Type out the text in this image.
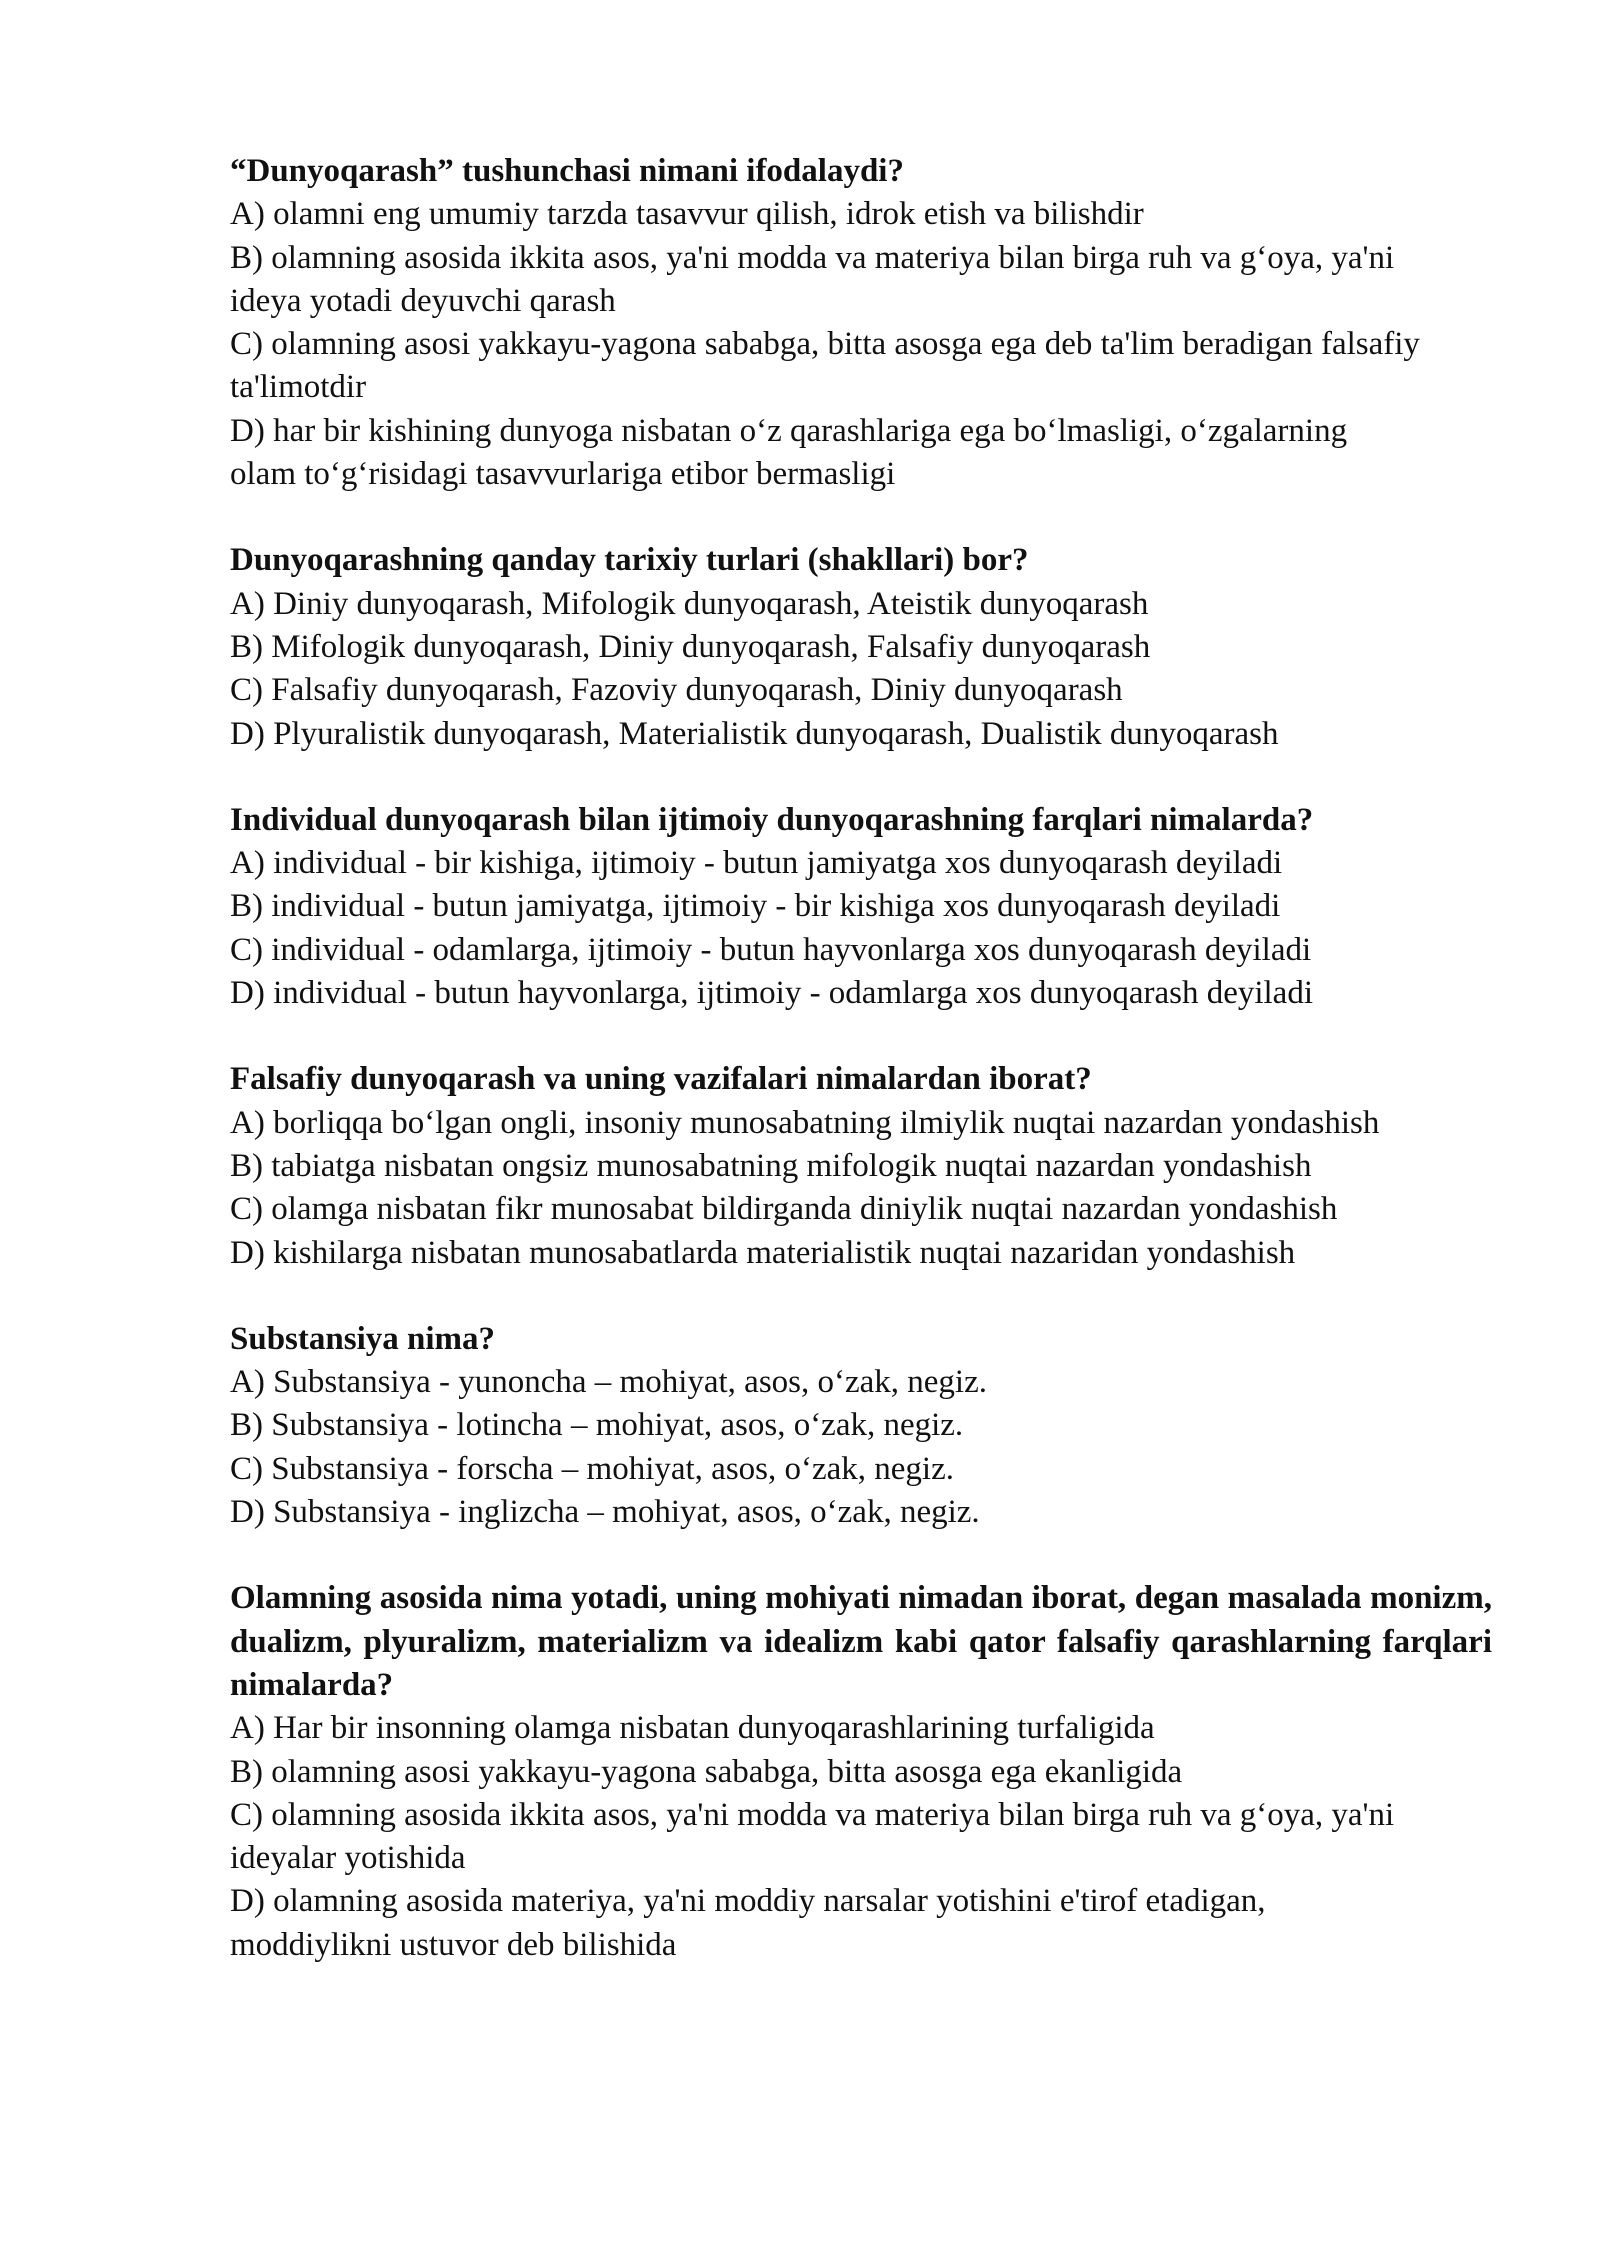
“Dunyoqarash” tushunchasi nimani ifodalaydi?

A) olamni eng umumiy tarzda tasavvur qilish, idrok etish va bilishdir

B) olamning asosida ikkita asos, ya'ni modda va materiya bilan birga ruh va g‘oya, ya'ni ideya yotadi deyuvchi qarash

C) olamning asosi yakkayu-yagona sababga, bitta asosga ega deb ta'lim beradigan falsafiy ta'limotdir

D) har bir kishining dunyoga nisbatan o‘z qarashlariga ega bo‘lmasligi, o‘zgalarning olam to‘g‘risidagi tasavvurlariga etibor bermasligi

Dunyoqarashning qanday tarixiy turlari (shakllari) bor?

A) Diniy dunyoqarash, Mifologik dunyoqarash, Ateistik dunyoqarash

B) Mifologik dunyoqarash, Diniy dunyoqarash, Falsafiy dunyoqarash

C) Falsafiy dunyoqarash, Fazoviy dunyoqarash, Diniy dunyoqarash

D) Plyuralistik dunyoqarash, Materialistik dunyoqarash, Dualistik dunyoqarash

Individual dunyoqarash bilan ijtimoiy dunyoqarashning farqlari nimalarda?

A) individual - bir kishiga, ijtimoiy - butun jamiyatga xos dunyoqarash deyiladi

B) individual - butun jamiyatga, ijtimoiy - bir kishiga xos dunyoqarash deyiladi

C) individual - odamlarga, ijtimoiy - butun hayvonlarga xos dunyoqarash deyiladi

D) individual - butun hayvonlarga, ijtimoiy - odamlarga xos dunyoqarash deyiladi

Falsafiy dunyoqarash va uning vazifalari nimalardan iborat?

A) borliqqa bo‘lgan ongli, insoniy munosabatning ilmiylik nuqtai nazardan yondashish

B) tabiatga nisbatan ongsiz munosabatning mifologik nuqtai nazardan yondashish

C) olamga nisbatan fikr munosabat bildirganda diniylik nuqtai nazardan yondashish

D) kishilarga nisbatan munosabatlarda materialistik nuqtai nazaridan yondashish

Substansiya nima?

A) Substansiya - yunoncha – mohiyat, asos, o‘zak, negiz.

B) Substansiya - lotincha – mohiyat, asos, o‘zak, negiz.

C) Substansiya - forscha – mohiyat, asos, o‘zak, negiz.

D) Substansiya - inglizcha – mohiyat, asos, o‘zak, negiz.

Olamning asosida nima yotadi, uning mohiyati nimadan iborat, degan masalada monizm, dualizm, plyuralizm, materializm va idealizm kabi qator falsafiy qarashlarning farqlari nimalarda?

A) Har bir insonning olamga nisbatan dunyoqarashlarining turfaligida

B) olamning asosi yakkayu-yagona sababga, bitta asosga ega ekanligida

C) olamning asosida ikkita asos, ya'ni modda va materiya bilan birga ruh va g‘oya, ya'ni ideyalar yotishida

D) olamning asosida materiya, ya'ni moddiy narsalar yotishini e'tirof etadigan, moddiylikni ustuvor deb bilishida
